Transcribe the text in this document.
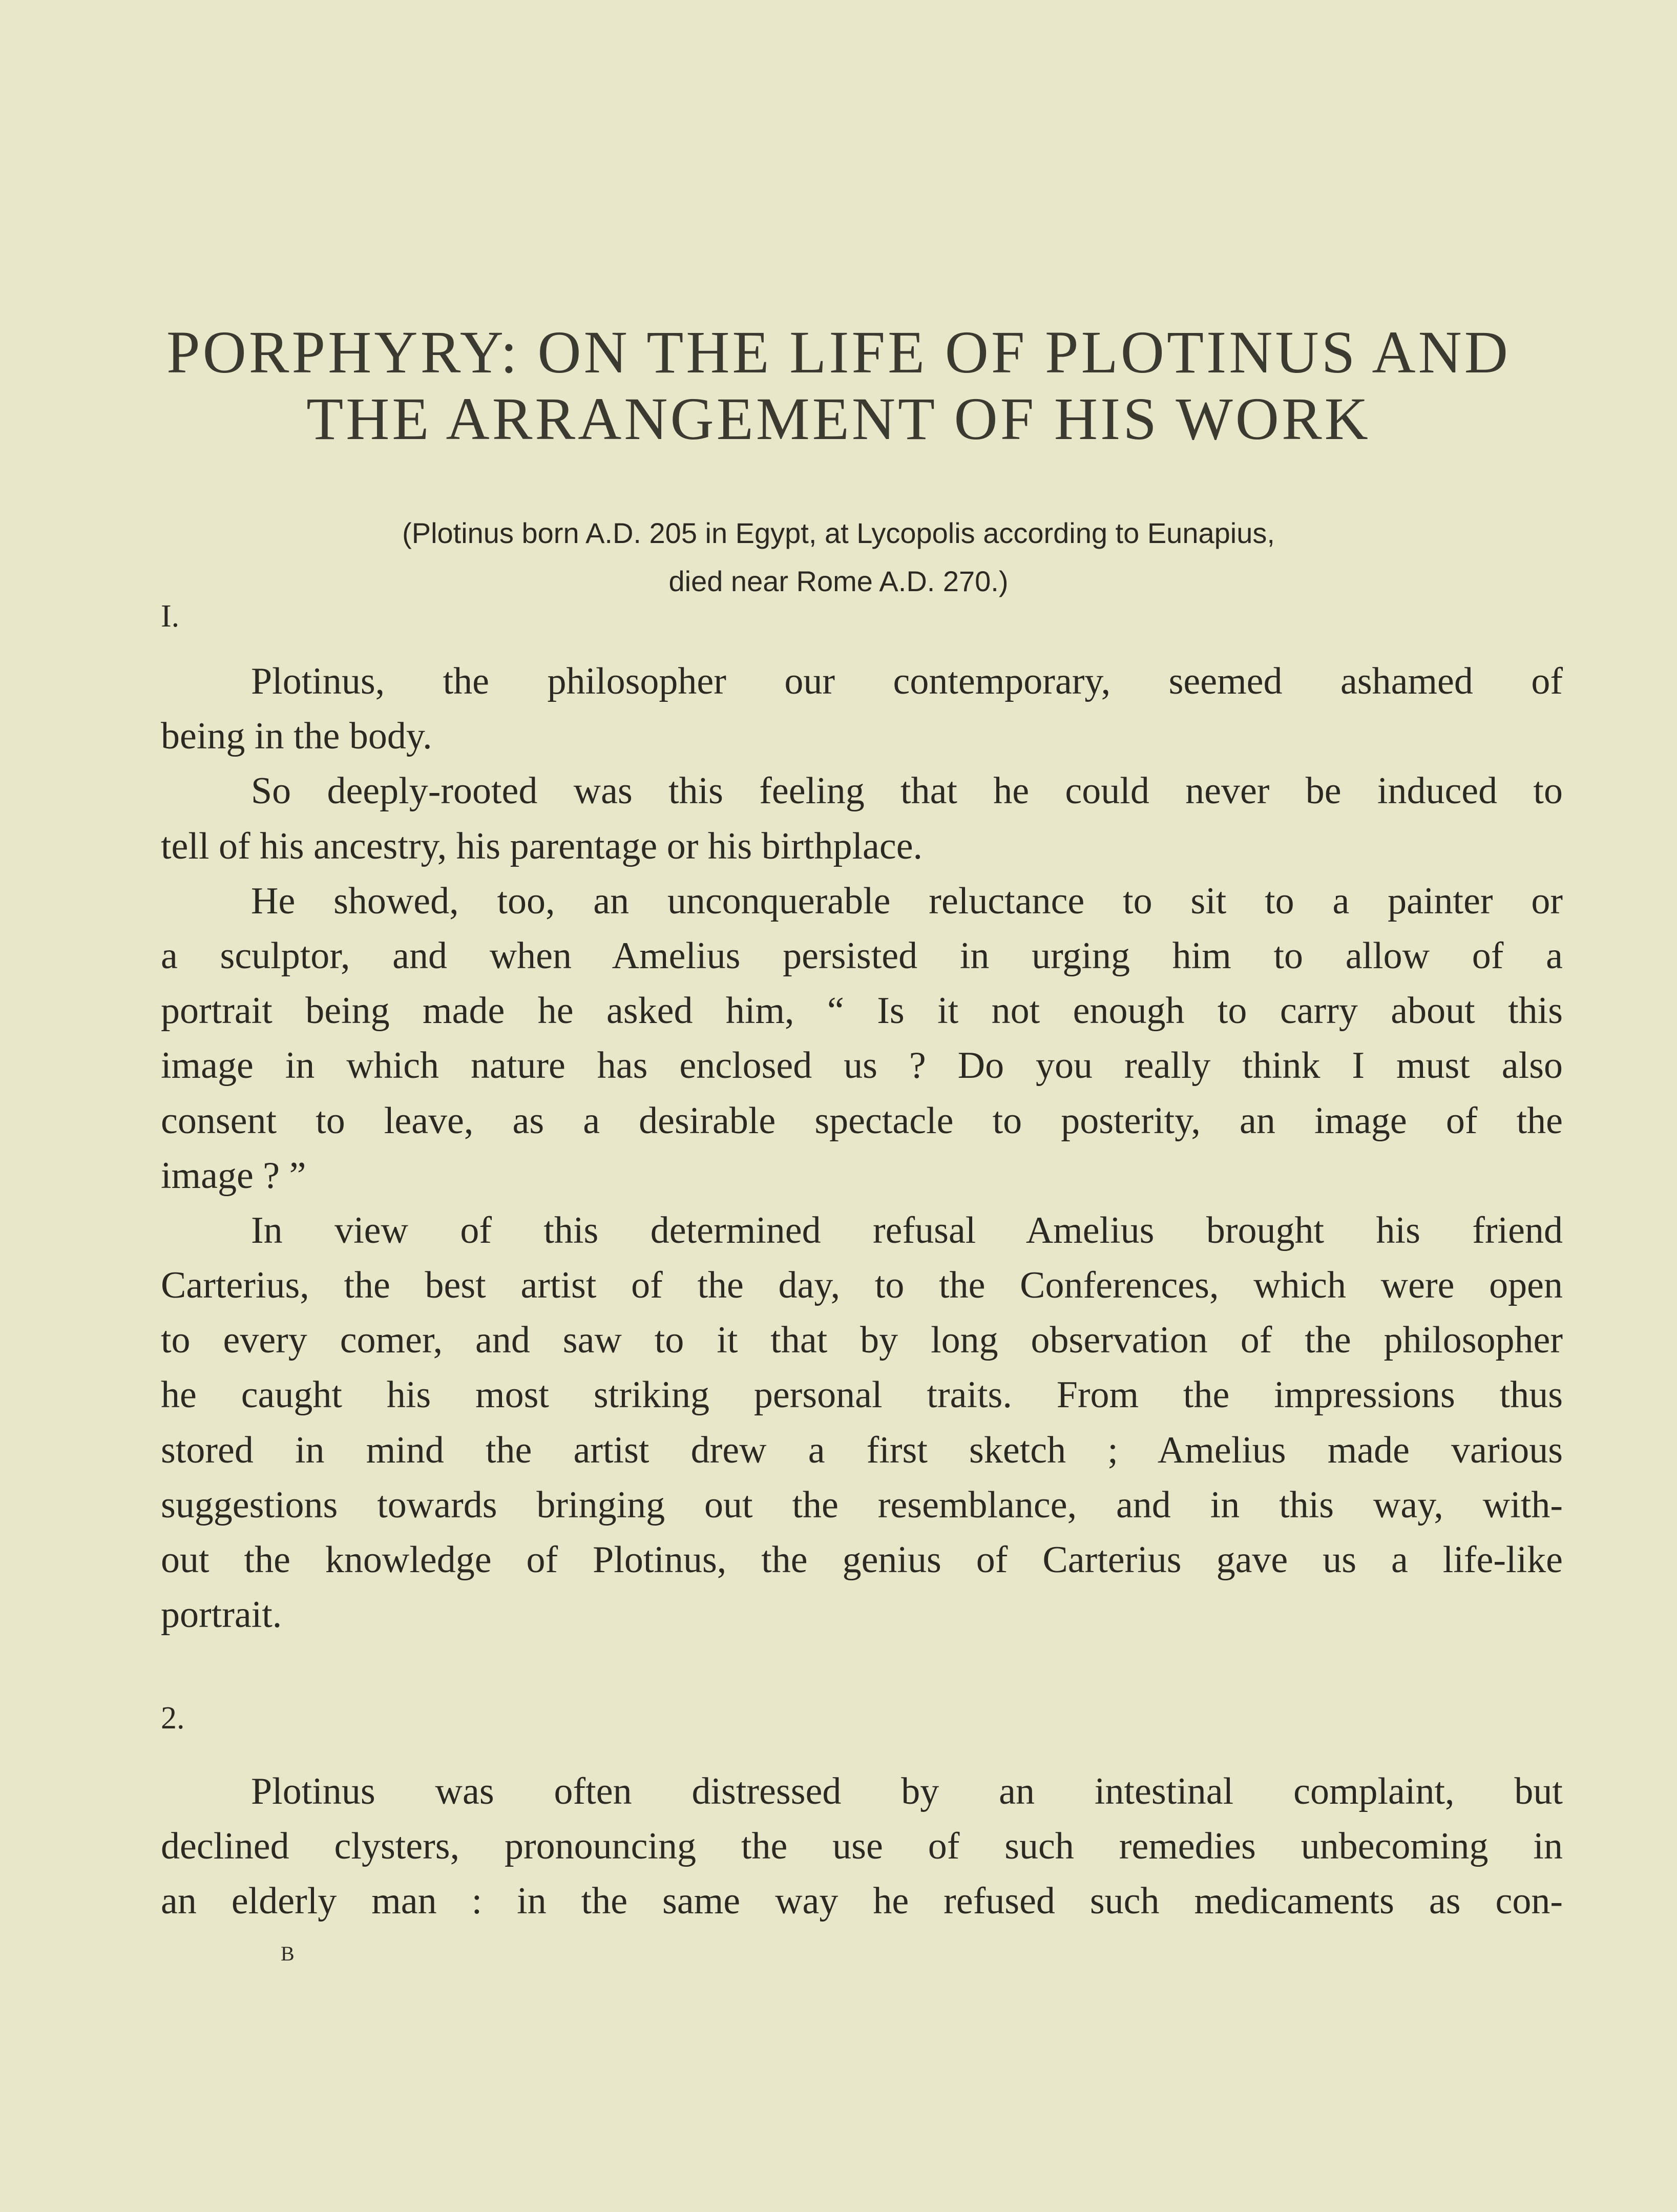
PORPHYRY: ON THE LIFE OF PLOTINUS AND
THE ARRANGEMENT OF HIS WORK
(Plotinus born A.D. 205 in Egypt, at Lycopolis according to Eunapius,
died near Rome A.D. 270.)
I.
Plotinus, the philosopher our contemporary, seemed ashamed of
being in the body.
So deeply-rooted was this feeling that he could never be induced to
tell of his ancestry, his parentage or his birthplace.
He showed, too, an unconquerable reluctance to sit to a painter or
a sculptor, and when Amelius persisted in urging him to allow of a
portrait being made he asked him, “ Is it not enough to carry about this
image in which nature has enclosed us ? Do you really think I must also
consent to leave, as a desirable spectacle to posterity, an image of the
image ? ”
In view of this determined refusal Amelius brought his friend
Carterius, the best artist of the day, to the Conferences, which were open
to every comer, and saw to it that by long observation of the philosopher
he caught his most striking personal traits. From the impressions thus
stored in mind the artist drew a first sketch ; Amelius made various
suggestions towards bringing out the resemblance, and in this way, with-
out the knowledge of Plotinus, the genius of Carterius gave us a life-like
portrait.
2.
Plotinus was often distressed by an intestinal complaint, but
declined clysters, pronouncing the use of such remedies unbecoming in
an elderly man : in the same way he refused such medicaments as con-
B
